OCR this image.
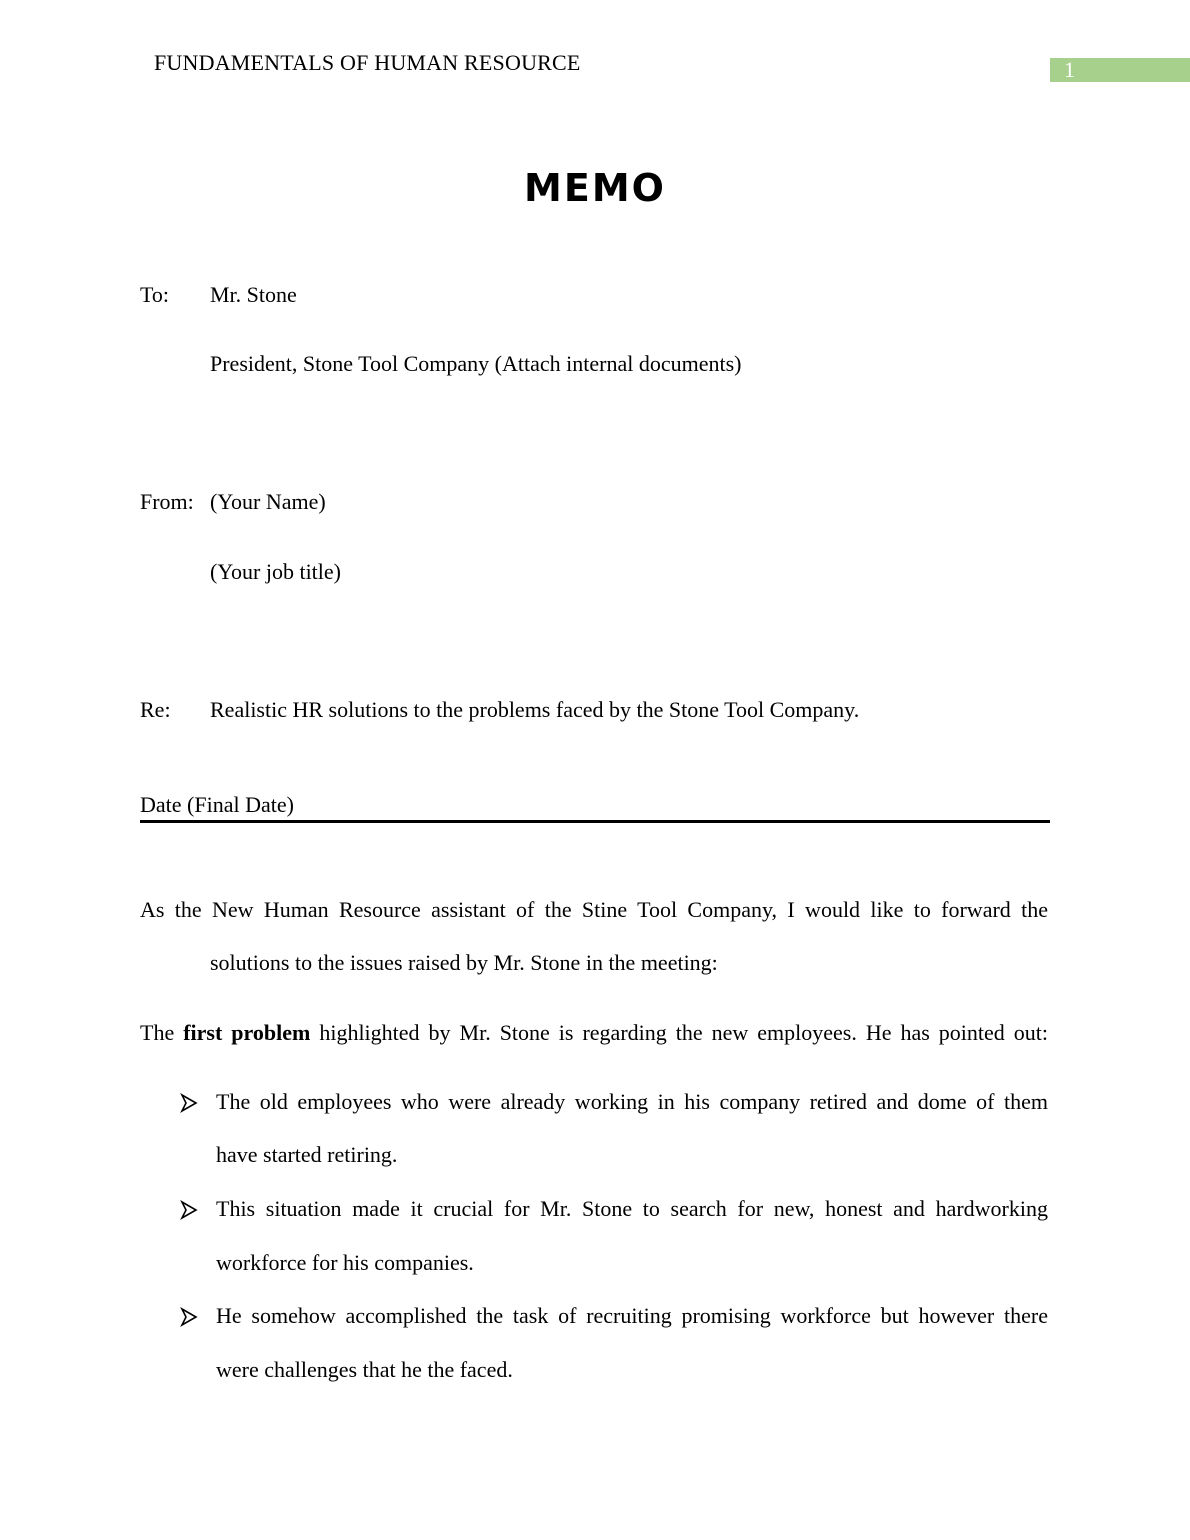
FUNDAMENTALS OF HUMAN RESOURCE	1
MEMO
To: Mr. Stone
President, Stone Tool Company (Attach internal documents)
From: (Your Name)
(Your job title)
Re: Realistic HR solutions to the problems faced by the Stone Tool Company.
Date (Final Date)
As the New Human Resource assistant of the Stine Tool Company, I would like to forward the
solutions to the issues raised by Mr. Stone in the meeting:
The first problem highlighted by Mr. Stone is regarding the new employees. He has pointed out:
The old employees who were already working in his company retired and dome of them
have started retiring.
This situation made it crucial for Mr. Stone to search for new, honest and hardworking
workforce for his companies.
He somehow accomplished the task of recruiting promising workforce but however there
were challenges that he the faced.
